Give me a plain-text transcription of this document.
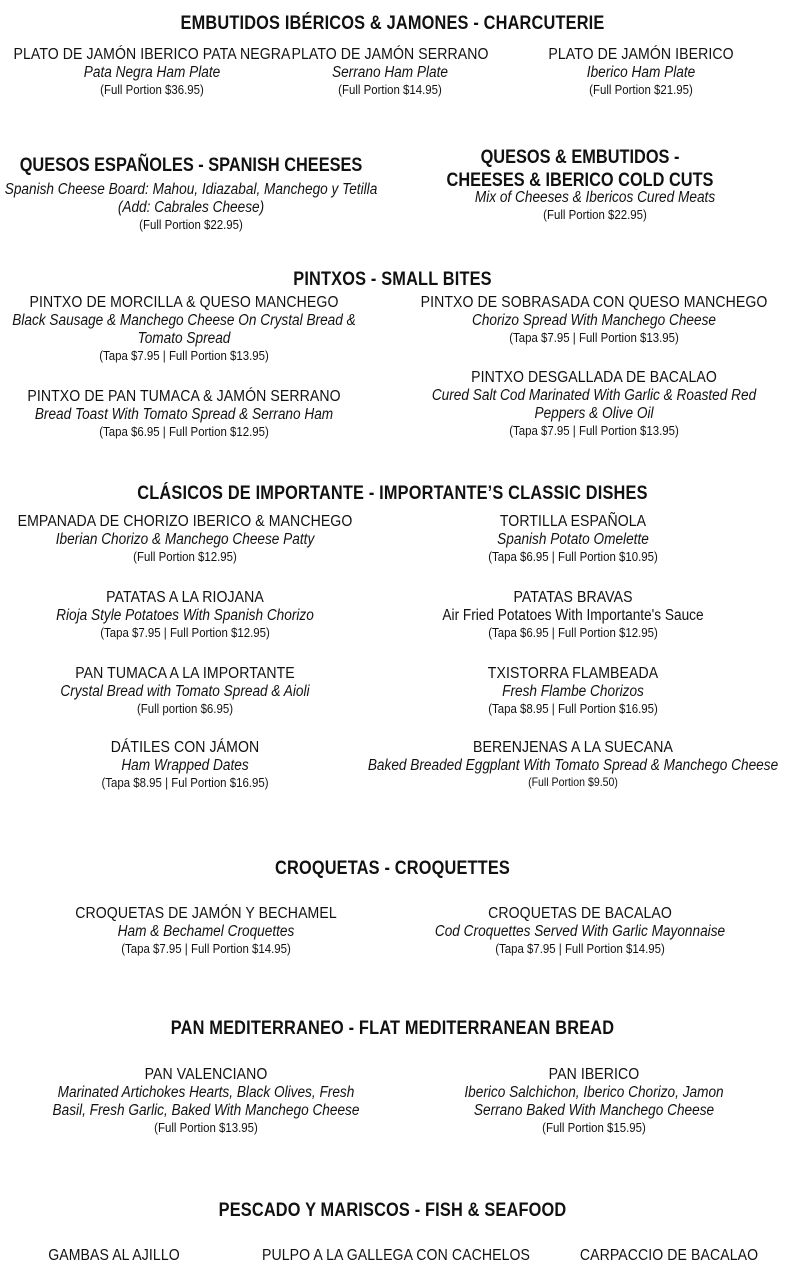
EMBUTIDOS IBÉRICOS & JAMONES - CHARCUTERIE
PLATO DE JAMÓN IBERICO PATA NEGRA
Pata Negra Ham Plate
(Full Portion $36.95)
PLATO DE JAMÓN SERRANO
Serrano Ham Plate
(Full Portion $14.95)
PLATO DE JAMÓN IBERICO
Iberico Ham Plate
(Full Portion $21.95)
QUESOS ESPAÑOLES - SPANISH CHEESES
Spanish Cheese Board: Mahou, Idiazabal, Manchego y Tetilla
(Add: Cabrales Cheese)
(Full Portion $22.95)
QUESOS & EMBUTIDOS -
CHEESES & IBERICO COLD CUTS
Mix of Cheeses & Ibericos Cured Meats
(Full Portion $22.95)
PINTXOS - SMALL BITES
PINTXO DE MORCILLA & QUESO MANCHEGO
Black Sausage & Manchego Cheese On Crystal Bread &
Tomato Spread
(Tapa $7.95 | Full Portion $13.95)
PINTXO DE SOBRASADA CON QUESO MANCHEGO
Chorizo Spread With Manchego Cheese
(Tapa $7.95 | Full Portion $13.95)
PINTXO DE PAN TUMACA & JAMÓN SERRANO
Bread Toast With Tomato Spread & Serrano Ham
(Tapa $6.95 | Full Portion $12.95)
PINTXO DESGALLADA DE BACALAO
Cured Salt Cod Marinated With Garlic & Roasted Red
Peppers & Olive Oil
(Tapa $7.95 | Full Portion $13.95)
CLÁSICOS DE IMPORTANTE - IMPORTANTE’S CLASSIC DISHES
EMPANADA DE CHORIZO IBERICO & MANCHEGO
Iberian Chorizo & Manchego Cheese Patty
(Full Portion $12.95)
TORTILLA ESPAÑOLA
Spanish Potato Omelette
(Tapa $6.95 | Full Portion $10.95)
PATATAS A LA RIOJANA
Rioja Style Potatoes With Spanish Chorizo
(Tapa $7.95 | Full Portion $12.95)
PATATAS BRAVAS
Air Fried Potatoes With Importante's Sauce
(Tapa $6.95 | Full Portion $12.95)
PAN TUMACA A LA IMPORTANTE
Crystal Bread with Tomato Spread & Aioli
(Full portion $6.95)
TXISTORRA FLAMBEADA
Fresh Flambe Chorizos
(Tapa $8.95 | Full Portion $16.95)
DÁTILES CON JÁMON
Ham Wrapped Dates
(Tapa $8.95 | Ful Portion $16.95)
BERENJENAS A LA SUECANA
Baked Breaded Eggplant With Tomato Spread & Manchego Cheese
(Full Portion $9.50)
CROQUETAS - CROQUETTES
CROQUETAS DE JAMÓN Y BECHAMEL
Ham & Bechamel Croquettes
(Tapa $7.95 | Full Portion $14.95)
CROQUETAS DE BACALAO
Cod Croquettes Served With Garlic Mayonnaise
(Tapa $7.95 | Full Portion $14.95)
PAN MEDITERRANEO - FLAT MEDITERRANEAN BREAD
PAN VALENCIANO
Marinated Artichokes Hearts, Black Olives, Fresh
Basil, Fresh Garlic, Baked With Manchego Cheese
(Full Portion $13.95)
PAN IBERICO
Iberico Salchichon, Iberico Chorizo, Jamon
Serrano Baked With Manchego Cheese
(Full Portion $15.95)
PESCADO Y MARISCOS - FISH & SEAFOOD
GAMBAS AL AJILLO	PULPO A LA GALLEGA CON CACHELOS	CARPACCIO DE BACALAO
